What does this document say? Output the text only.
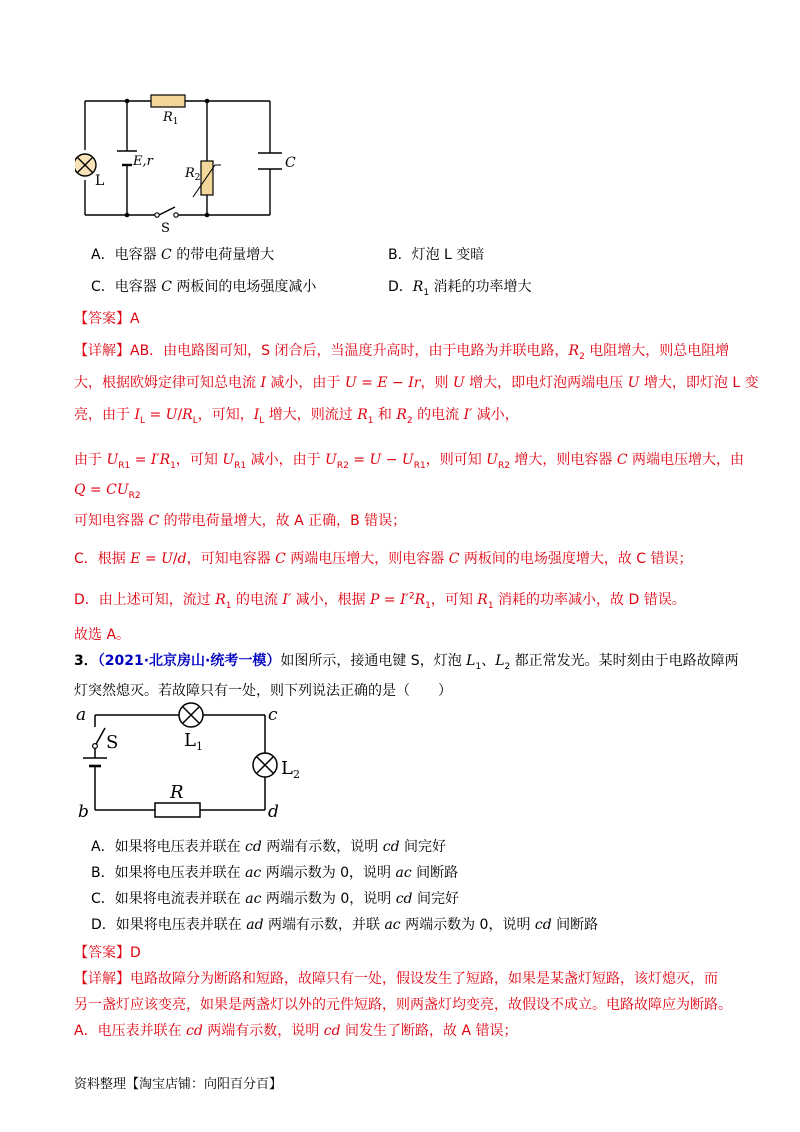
$R_1$
E,r
$R_2$
C
L
S
A．电容器 C 的带电荷量增大	B．灯泡 L 变暗
C．电容器 C 两板间的电场强度减小	D．$R_1$ 消耗的功率增大
【答案】A
【详解】AB．由电路图可知，S 闭合后，当温度升高时，由于电路为并联电路，$R_2$ 电阻增大，则总电阻增
大，根据欧姆定律可知总电流 I 减小，由于 U = E − Ir，则 U 增大，即电灯泡两端电压 U 增大，即灯泡 L 变
亮，由于 $I_L = U/R_L$，可知，$I_L$ 增大，则流过 $R_1$ 和 $R_2$ 的电流 I′ 减小，
由于 $U_{R1} = I'R_1$，可知 $U_{R1}$ 减小，由于 $U_{R2} = U - U_{R1}$，则可知 $U_{R2}$ 增大，则电容器 C 两端电压增大，由
$Q = CU_{R2}$
可知电容器 C 的带电荷量增大，故 A 正确，B 错误；
C．根据 E = U/d，可知电容器 C 两端电压增大，则电容器 C 两板间的电场强度增大，故 C 错误；
D．由上述可知，流过 $R_1$ 的电流 I′ 减小，根据 $P = I'^2R_1$，可知 $R_1$ 消耗的功率减小，故 D 错误。
故选 A。
3．（2021·北京房山·统考一模）如图所示，接通电键 S，灯泡 $L_1$、$L_2$ 都正常发光。某时刻由于电路故障两
灯突然熄灭。若故障只有一处，则下列说法正确的是（　　）
a
b
c
d
S	$L_1$
$L_2$
R
A．如果将电压表并联在 cd 两端有示数，说明 cd 间完好
B．如果将电压表并联在 ac 两端示数为 0，说明 ac 间断路
C．如果将电流表并联在 ac 两端示数为 0，说明 cd 间完好
D．如果将电压表并联在 ad 两端有示数，并联 ac 两端示数为 0，说明 cd 间断路
【答案】D
【详解】电路故障分为断路和短路，故障只有一处，假设发生了短路，如果是某盏灯短路，该灯熄灭，而
另一盏灯应该变亮，如果是两盏灯以外的元件短路，则两盏灯均变亮，故假设不成立。电路故障应为断路。
A．电压表并联在 cd 两端有示数，说明 cd 间发生了断路，故 A 错误；
资料整理【淘宝店铺：向阳百分百】
